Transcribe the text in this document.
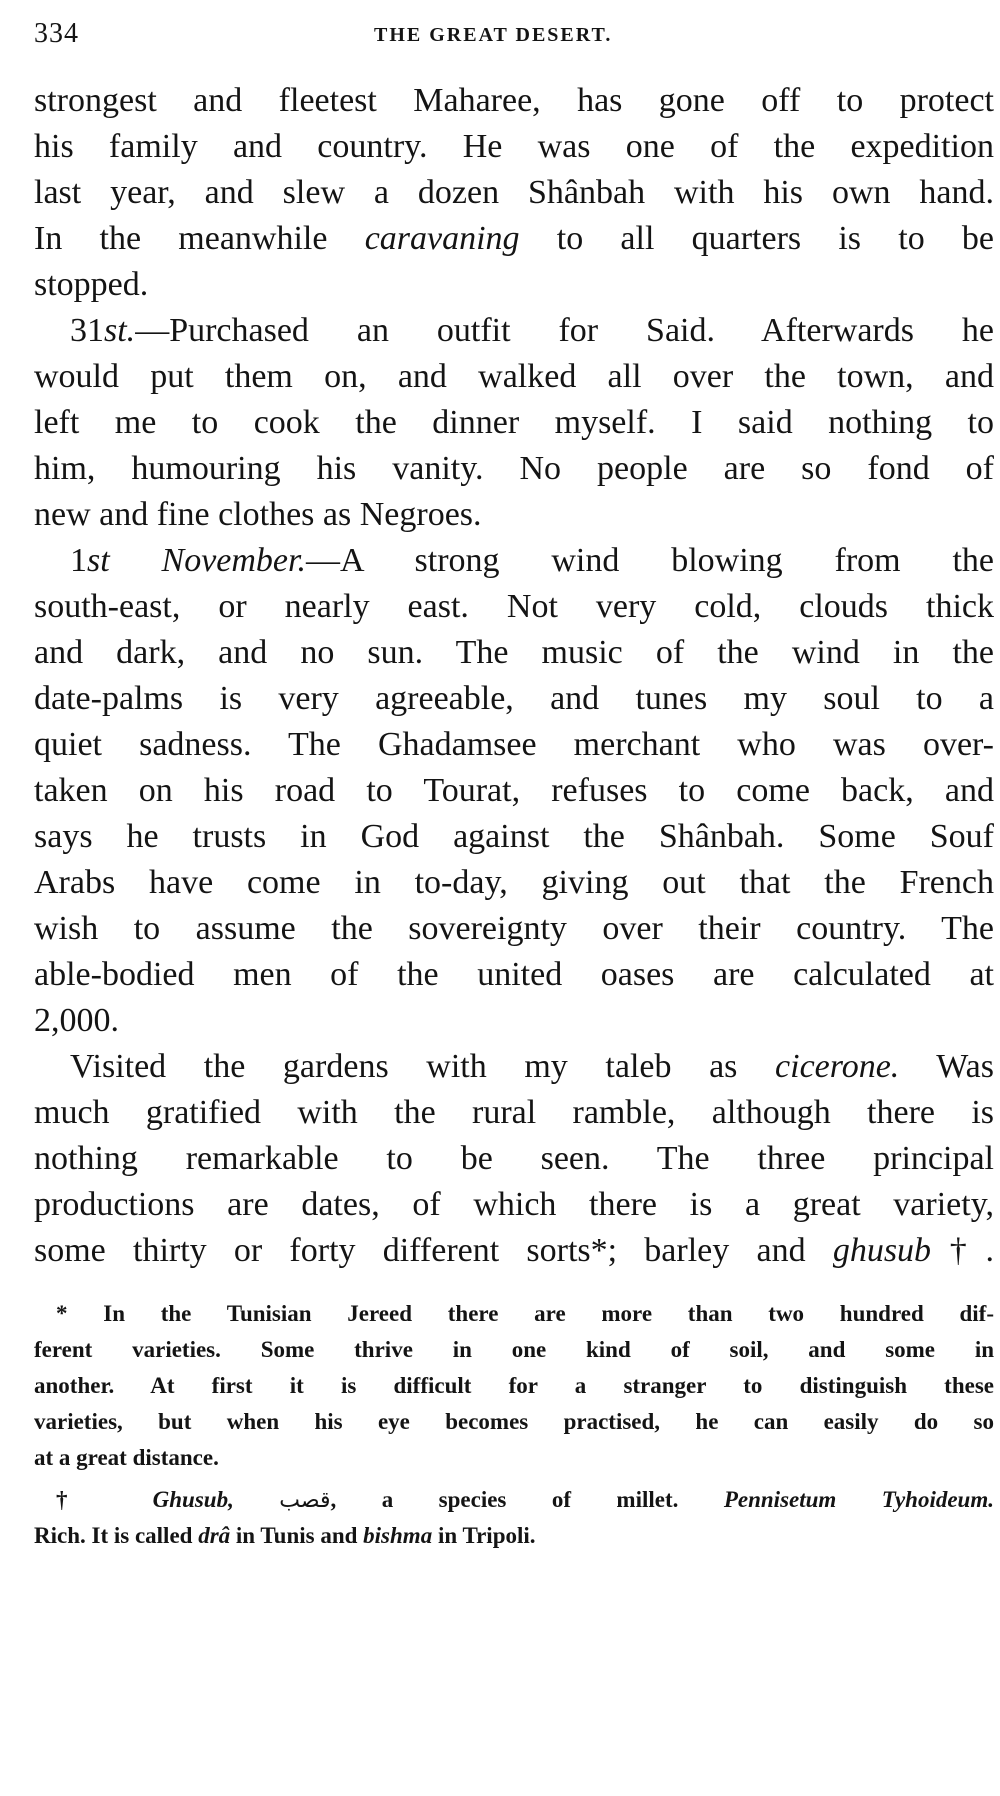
334	THE GREAT DESERT.
strongest and fleetest Maharee, has gone off to protect
his family and country. He was one of the expedition
last year, and slew a dozen Shânbah with his own hand.
In the meanwhile caravaning to all quarters is to be
stopped.
31st.—Purchased an outfit for Said. Afterwards he
would put them on, and walked all over the town, and
left me to cook the dinner myself. I said nothing to
him, humouring his vanity. No people are so fond of
new and fine clothes as Negroes.
1st November.—A strong wind blowing from the
south-east, or nearly east. Not very cold, clouds thick
and dark, and no sun. The music of the wind in the
date-palms is very agreeable, and tunes my soul to a
quiet sadness. The Ghadamsee merchant who was over-
taken on his road to Tourat, refuses to come back, and
says he trusts in God against the Shânbah. Some Souf
Arabs have come in to-day, giving out that the French
wish to assume the sovereignty over their country. The
able-bodied men of the united oases are calculated at
2,000.
Visited the gardens with my taleb as cicerone. Was
much gratified with the rural ramble, although there is
nothing remarkable to be seen. The three principal
productions are dates, of which there is a great variety,
some thirty or forty different sorts*; barley and ghusub†.
* In the Tunisian Jereed there are more than two hundred dif-
ferent varieties. Some thrive in one kind of soil, and some in
another. At first it is difficult for a stranger to distinguish these
varieties, but when his eye becomes practised, he can easily do so
at a great distance.
† Ghusub, قصب, a species of millet. Pennisetum Tyhoideum.
Rich. It is called drâ in Tunis and bishma in Tripoli.
